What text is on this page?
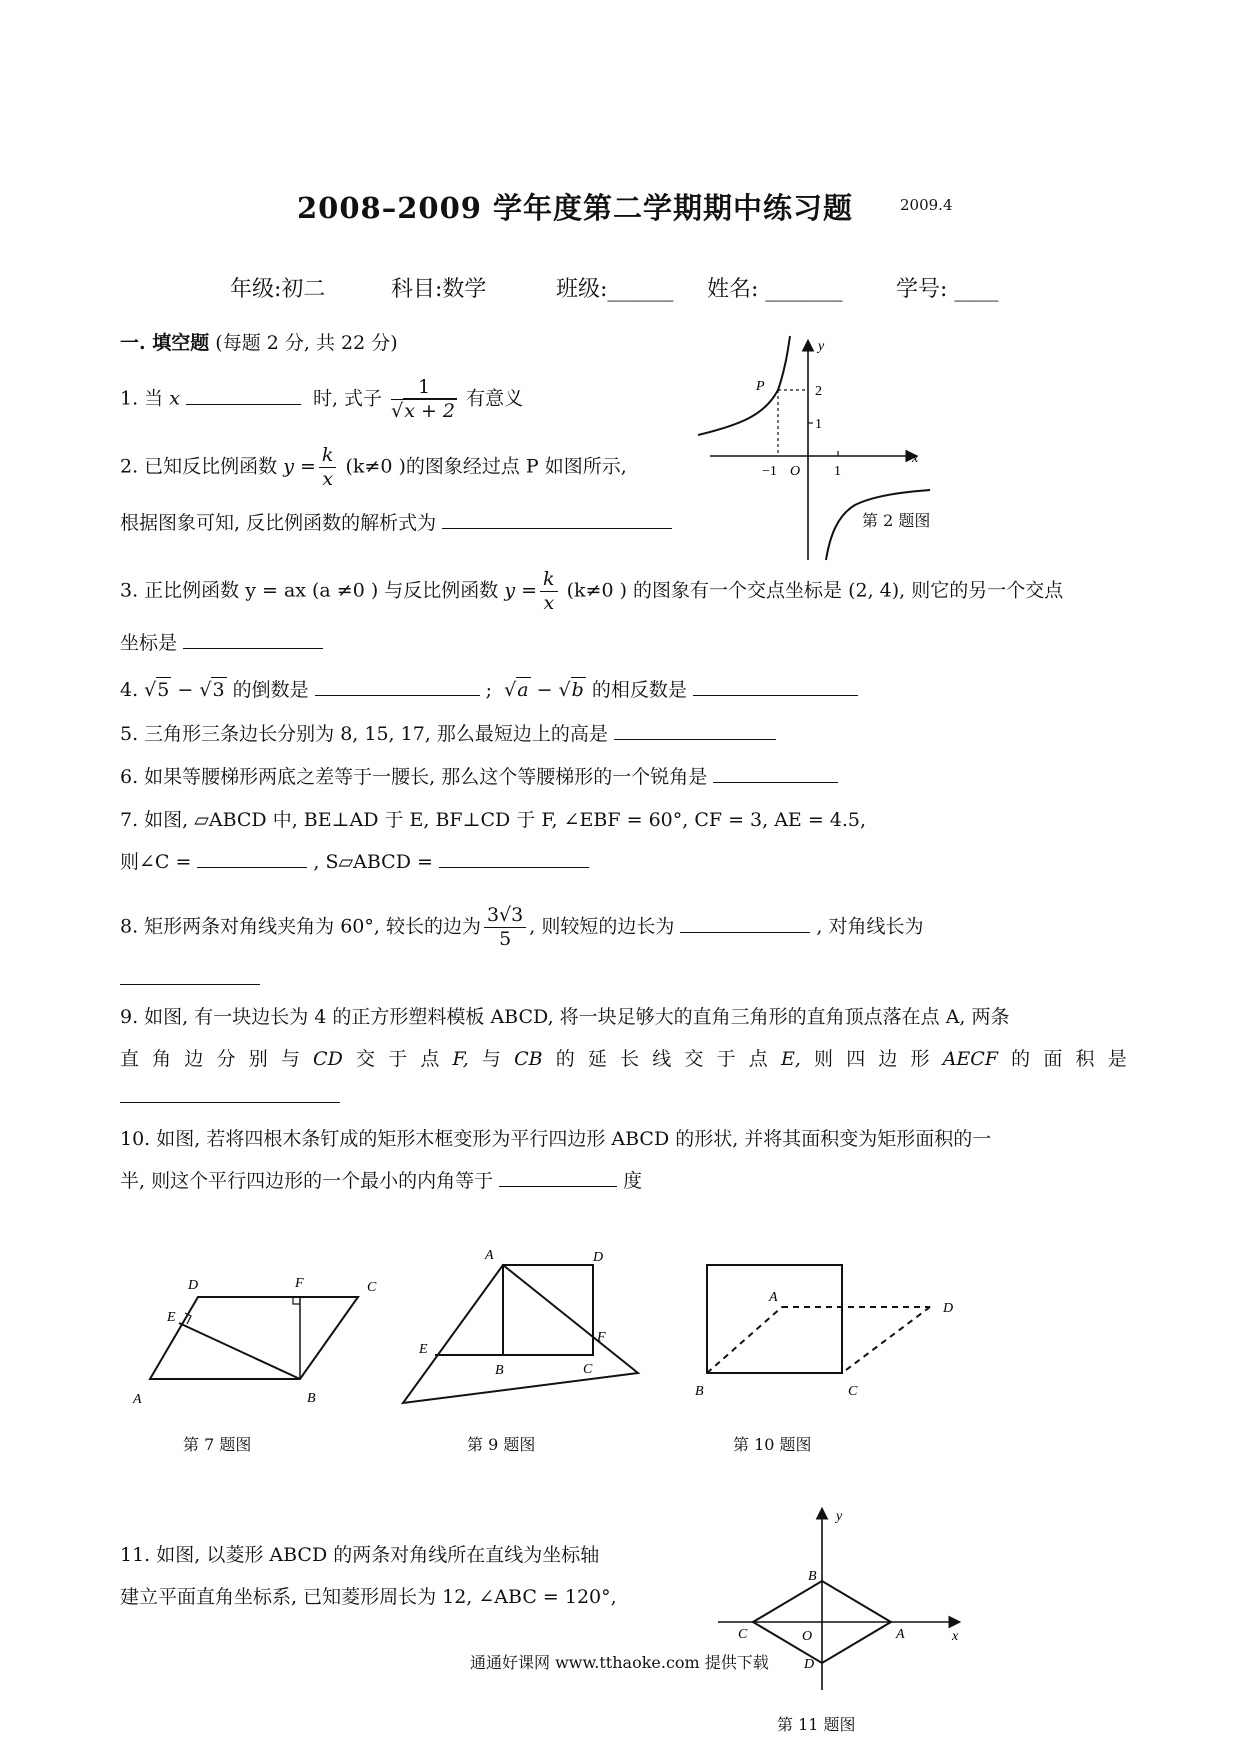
2008–2009 学年度第二学期期中练习题	2009.4
年级:初二	科目:数学	班级:______ 姓名: _______ 学号: ____
一. 填空题 (每题 2 分, 共 22 分)
1. 当 x	时, 式子 $\frac{1}{√x + 2}$ 有意义
2. 已知反比例函数 $y = \frac{k}{x} (k\ne 0$ )的图象经过点 P 如图所示,
根据图象可知, 反比例函数的解析式为
3. 正比例函数 y = ax (a ≠0 ) 与反比例函数 $y = \frac{k}{x} (k\ne 0$ ) 的图象有一个交点坐标是 (2, 4), 则它的另一个交点
坐标是
4. √5 − √3 的倒数是	;  √a − √b 的相反数是
5. 三角形三条边长分别为 8, 15, 17, 那么最短边上的高是
6. 如果等腰梯形两底之差等于一腰长, 那么这个等腰梯形的一个锐角是
7. 如图, ▱ABCD 中, BE⊥AD 于 E, BF⊥CD 于 F, ∠EBF = 60°, CF = 3, AE = 4.5,
则∠C =	, S▱ABCD =
8. 矩形两条对角线夹角为 60°, 较长的边为 $\frac{3√3}{5}$ , 则较短的边长为	, 对角线长为
9. 如图, 有一块边长为 4 的正方形塑料模板 ABCD, 将一块足够大的直角三角形的直角顶点落在点 A, 两条
直 角 边 分 别 与 CD 交 于 点 F, 与 CB 的 延 长 线 交 于 点 E, 则 四 边 形 AECF 的 面 积 是
10. 如图, 若将四根木条钉成的矩形木框变形为平行四边形 ABCD 的形状, 并将其面积变为矩形面积的一
半, 则这个平行四边形的一个最小的内角等于	度
11. 如图, 以菱形 ABCD 的两条对角线所在直线为坐标轴
建立平面直角坐标系, 已知菱形周长为 12, ∠ABC = 120°,
y
x
P	2
1
−1 O 1
第 2 题图
A	B
C
D
E
F
第 7 题图
A
B	C
D
E
F
第 9 题图
A
B	C
D
第 10 题图
y
x
B
C	A
O
D
第 11 题图
通通好课网 www.tthaoke.com 提供下载
